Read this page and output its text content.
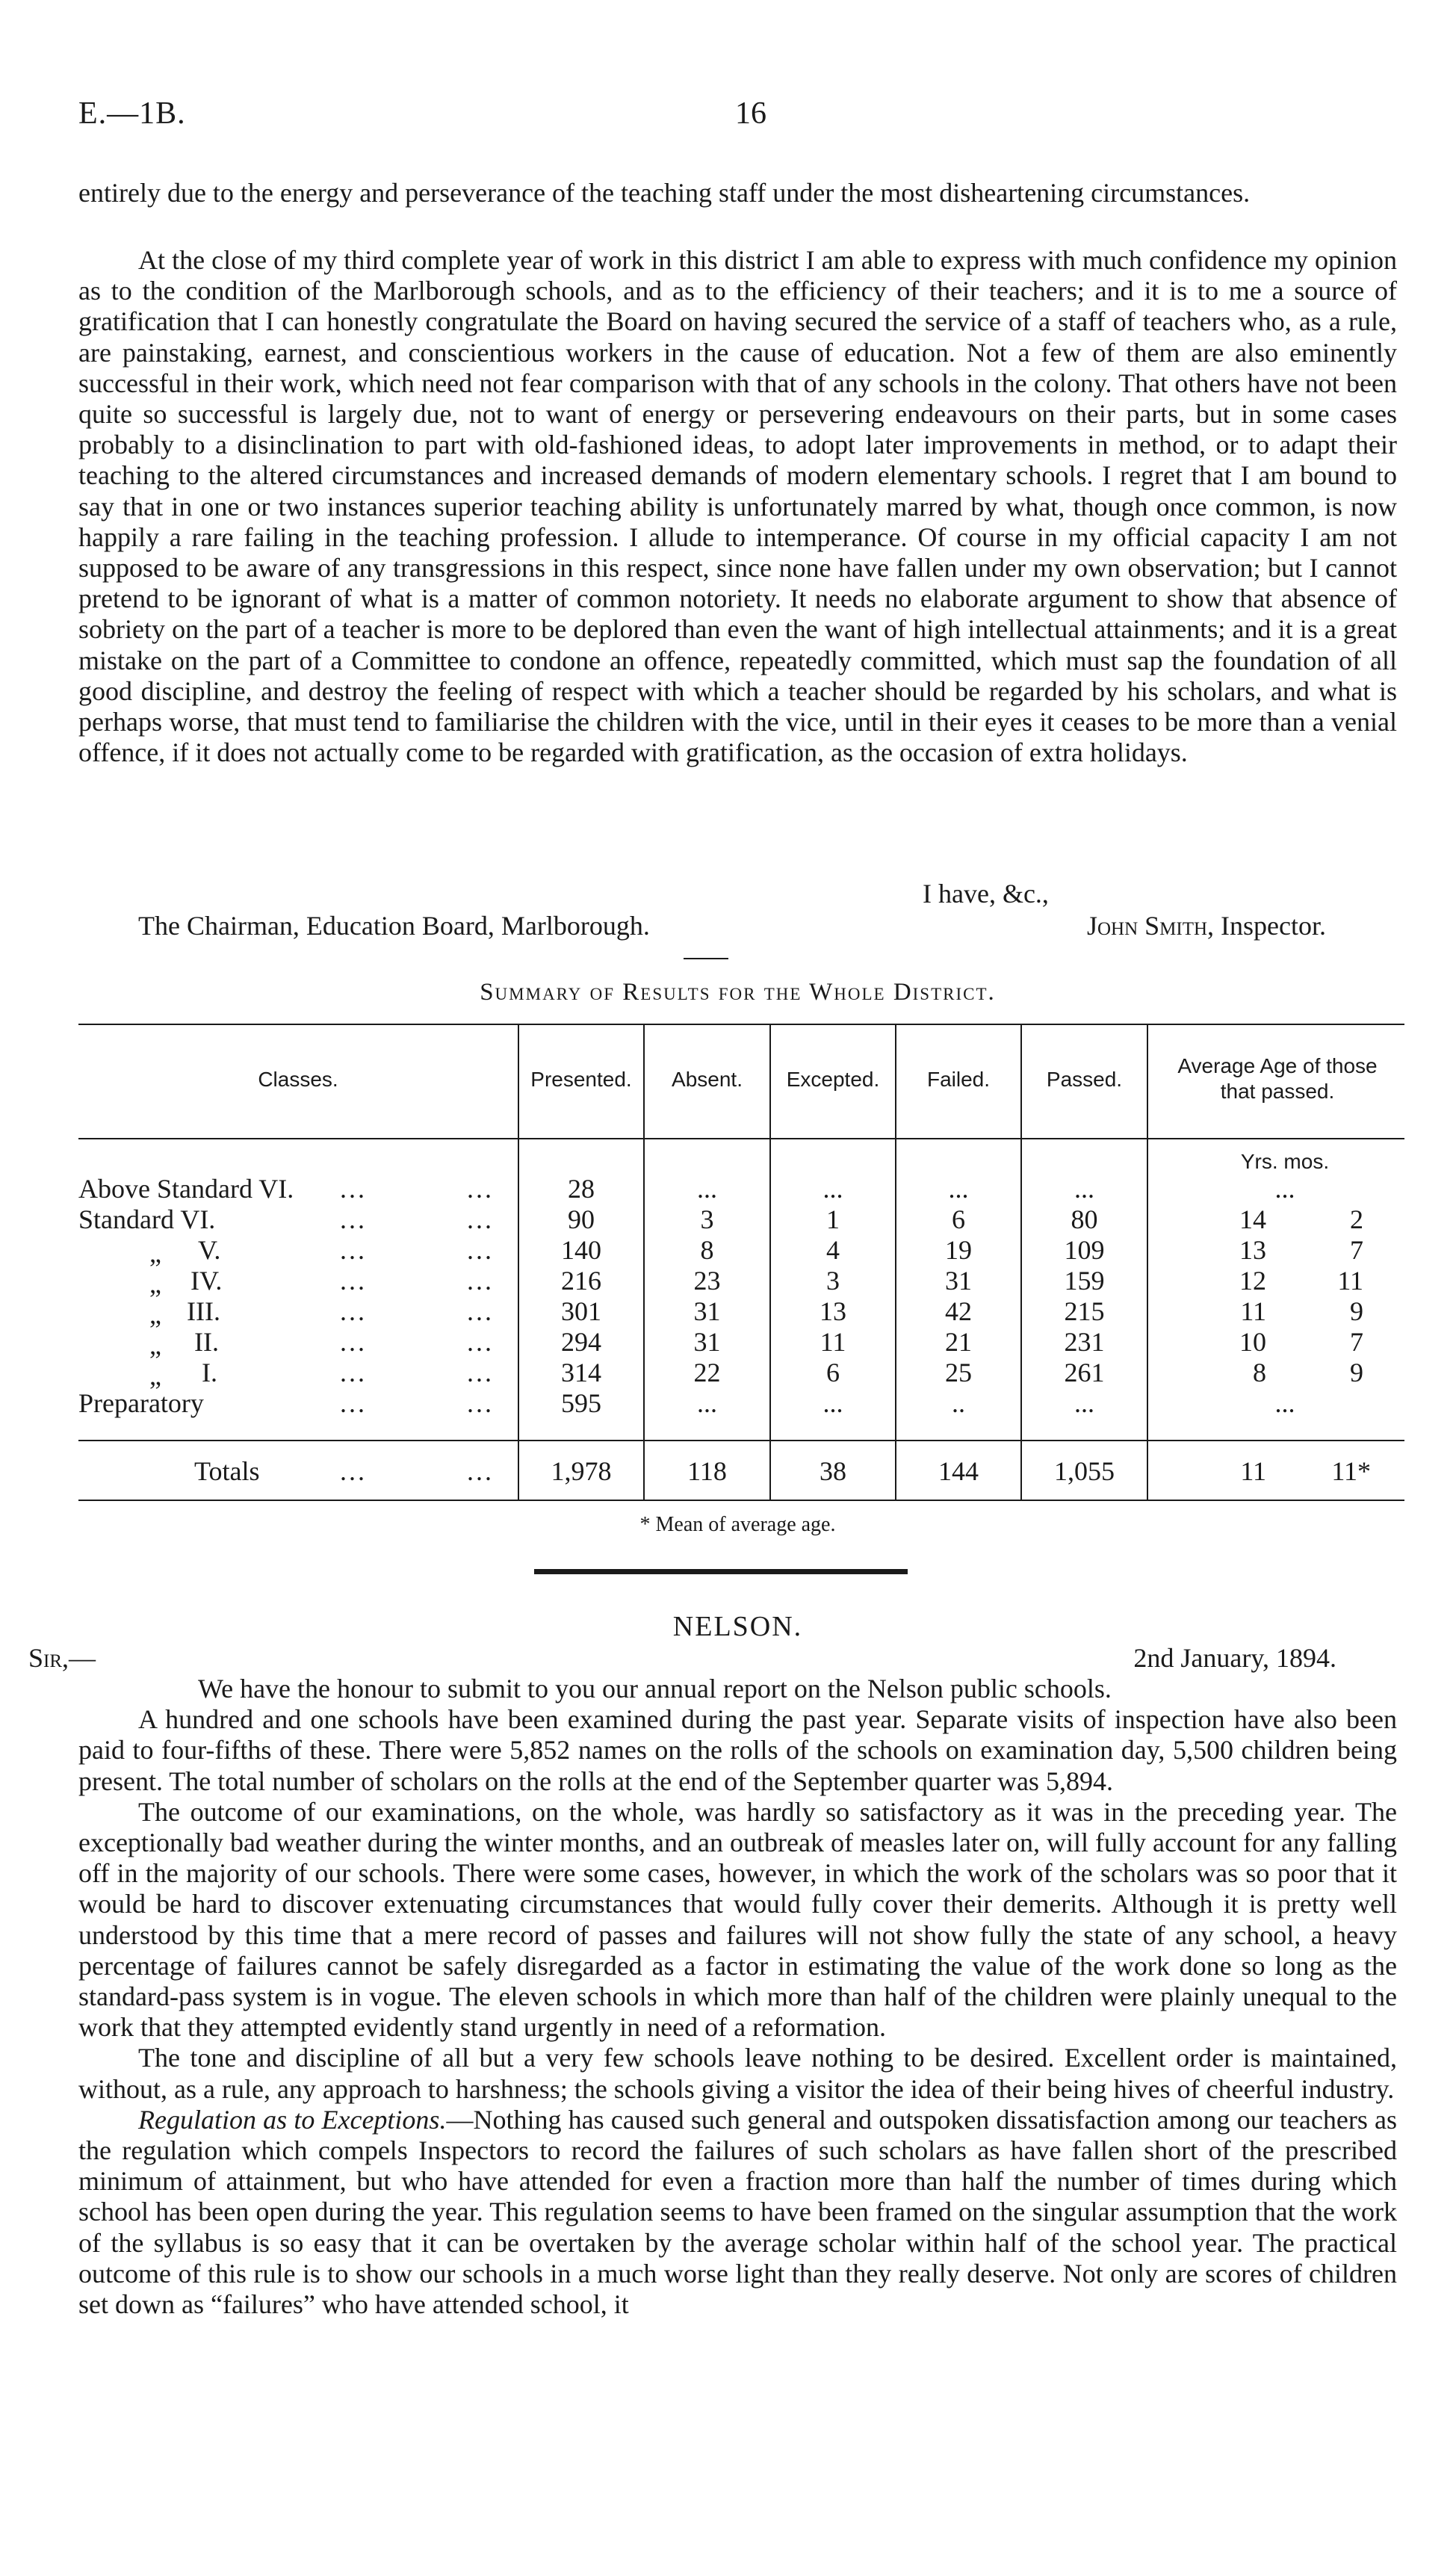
E.—1B.	16

entirely due to the energy and perseverance of the teaching staff under the most disheartening circumstances.

At the close of my third complete year of work in this district I am able to express with much confidence my opinion as to the condition of the Marlborough schools, and as to the efficiency of their teachers; and it is to me a source of gratification that I can honestly congratulate the Board on having secured the service of a staff of teachers who, as a rule, are painstaking, earnest, and conscientious workers in the cause of education. Not a few of them are also eminently successful in their work, which need not fear comparison with that of any schools in the colony. That others have not been quite so successful is largely due, not to want of energy or persevering endeavours on their parts, but in some cases probably to a disinclination to part with old-fashioned ideas, to adopt later improvements in method, or to adapt their teaching to the altered circumstances and increased demands of modern elementary schools. I regret that I am bound to say that in one or two instances superior teaching ability is unfortunately marred by what, though once common, is now happily a rare failing in the teaching profession. I allude to intemperance. Of course in my official capacity I am not supposed to be aware of any transgressions in this respect, since none have fallen under my own observation; but I cannot pretend to be ignorant of what is a matter of common notoriety. It needs no elaborate argument to show that absence of sobriety on the part of a teacher is more to be deplored than even the want of high intellectual attainments; and it is a great mistake on the part of a Committee to condone an offence, repeatedly committed, which must sap the foundation of all good discipline, and destroy the feeling of respect with which a teacher should be regarded by his scholars, and what is perhaps worse, that must tend to familiarise the children with the vice, until in their eyes it ceases to be more than a venial offence, if it does not actually come to be regarded with gratification, as the occasion of extra holidays.

I have, &c.,
The Chairman, Education Board, Marlborough.	John Smith, Inspector.
Summary of Results for the Whole District.
Classes.	Presented.	Absent.	Excepted.	Failed.	Passed.
Average Age of those that passed.
Yrs. mos.
Above Standard VI. ...	...	28	...	...	...	...	...
Standard VI.	...	...	90	3	1	6	80	14	2
„ V.	...	...	140	8	4	19	109	13	7
„ IV.	...	...	216	23	3	31	159	12	11
„ III.	...	...	301	31	13	42	215	11	9
„ II.	...	...	294	31	11	21	231	10	7
„ I.	...	...	314	22	6	25	261	8	9
Preparatory	...	...	595	...	...	..	...	...
Totals	...	...	1,978	118	38	144	1,055	11	11*
* Mean of average age.
NELSON.
Sir,—	2nd January, 1894.

We have the honour to submit to you our annual report on the Nelson public schools.

A hundred and one schools have been examined during the past year. Separate visits of inspection have also been paid to four-fifths of these. There were 5,852 names on the rolls of the schools on examination day, 5,500 children being present. The total number of scholars on the rolls at the end of the September quarter was 5,894.

The outcome of our examinations, on the whole, was hardly so satisfactory as it was in the preceding year. The exceptionally bad weather during the winter months, and an outbreak of measles later on, will fully account for any falling off in the majority of our schools. There were some cases, however, in which the work of the scholars was so poor that it would be hard to discover extenuating circumstances that would fully cover their demerits. Although it is pretty well understood by this time that a mere record of passes and failures will not show fully the state of any school, a heavy percentage of failures cannot be safely disregarded as a factor in estimating the value of the work done so long as the standard-pass system is in vogue. The eleven schools in which more than half of the children were plainly unequal to the work that they attempted evidently stand urgently in need of a reformation.

The tone and discipline of all but a very few schools leave nothing to be desired. Excellent order is maintained, without, as a rule, any approach to harshness; the schools giving a visitor the idea of their being hives of cheerful industry.

Regulation as to Exceptions.—Nothing has caused such general and outspoken dissatisfaction among our teachers as the regulation which compels Inspectors to record the failures of such scholars as have fallen short of the prescribed minimum of attainment, but who have attended for even a fraction more than half the number of times during which school has been open during the year. This regulation seems to have been framed on the singular assumption that the work of the syllabus is so easy that it can be overtaken by the average scholar within half of the school year. The practical outcome of this rule is to show our schools in a much worse light than they really deserve. Not only are scores of children set down as “failures” who have attended school, it
